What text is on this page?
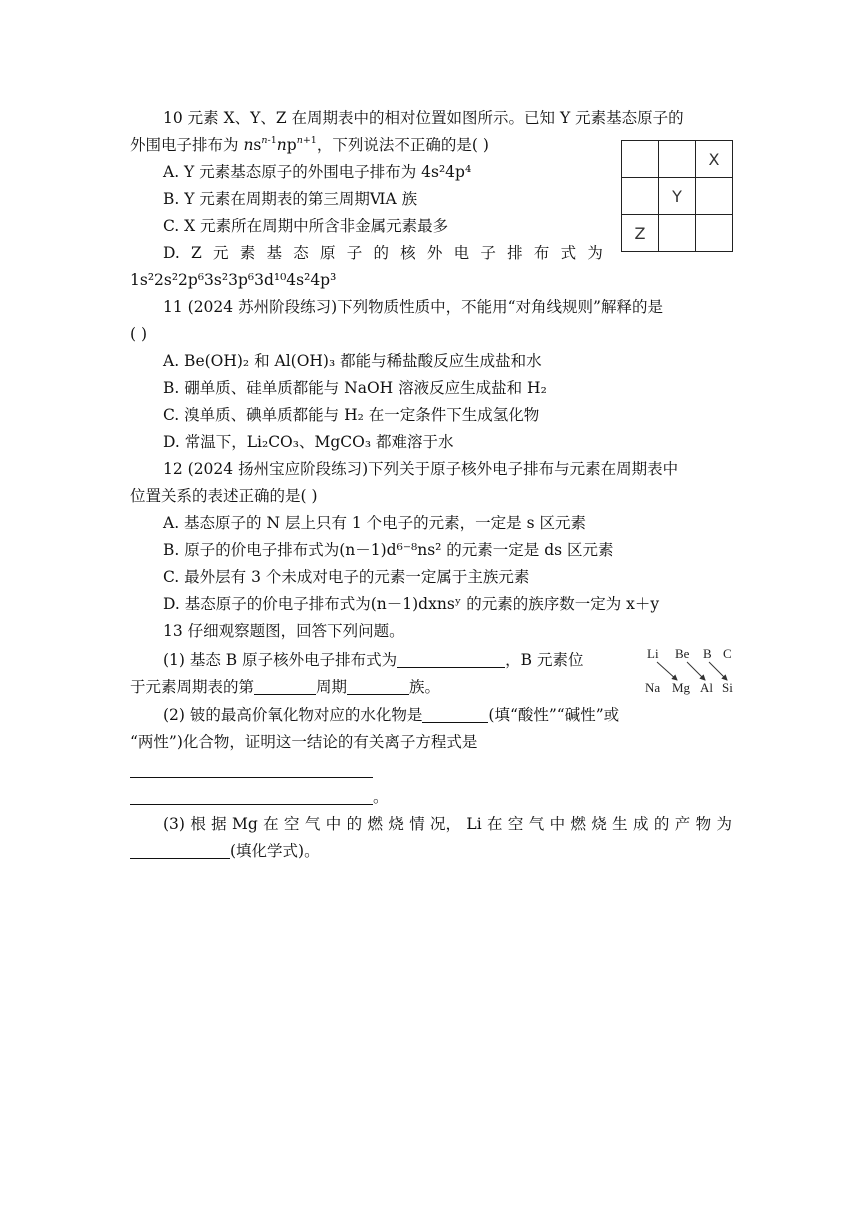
10 元素 X、Y、Z 在周期表中的相对位置如图所示。已知 Y 元素基态原子的
外围电子排布为 $ns^{n-1}np^{n+1}$，下列说法不正确的是( )
		X
	Y	
Z		
A. Y 元素基态原子的外围电子排布为 4s²4p⁴
B. Y 元素在周期表的第三周期ⅥA 族
C. X 元素所在周期中所含非金属元素最多
D. Z 元 素 基 态 原 子 的 核 外 电 子 排 布 式 为
1s²2s²2p⁶3s²3p⁶3d¹⁰4s²4p³
11 (2024 苏州阶段练习)下列物质性质中，不能用“对角线规则”解释的是
( )
A. Be(OH)₂ 和 Al(OH)₃ 都能与稀盐酸反应生成盐和水
B. 硼单质、硅单质都能与 NaOH 溶液反应生成盐和 H₂
C. 溴单质、碘单质都能与 H₂ 在一定条件下生成氢化物
D. 常温下，Li₂CO₃、MgCO₃ 都难溶于水
12 (2024 扬州宝应阶段练习)下列关于原子核外电子排布与元素在周期表中
位置关系的表述正确的是( )
A. 基态原子的 N 层上只有 1 个电子的元素，一定是 s 区元素
B. 原子的价电子排布式为(n－1)d⁶⁻⁸ns² 的元素一定是 ds 区元素
C. 最外层有 3 个未成对电子的元素一定属于主族元素
D. 基态原子的价电子排布式为(n－1)dxnsʸ 的元素的族序数一定为 x＋y
13 仔细观察题图，回答下列问题。
(1) 基态 B 原子核外电子排布式为	，B 元素位
于元素周期表的第	周期	族。
Li Be B C
Na Mg Al Si
(2) 铍的最高价氧化物对应的水化物是	(填“酸性”“碱性”或
“两性”)化合物，证明这一结论的有关离子方程式是
。
(3) 根 据 Mg 在 空 气 中 的 燃 烧 情 况， Li 在 空 气 中 燃 烧 生 成 的 产 物 为
(填化学式)。
